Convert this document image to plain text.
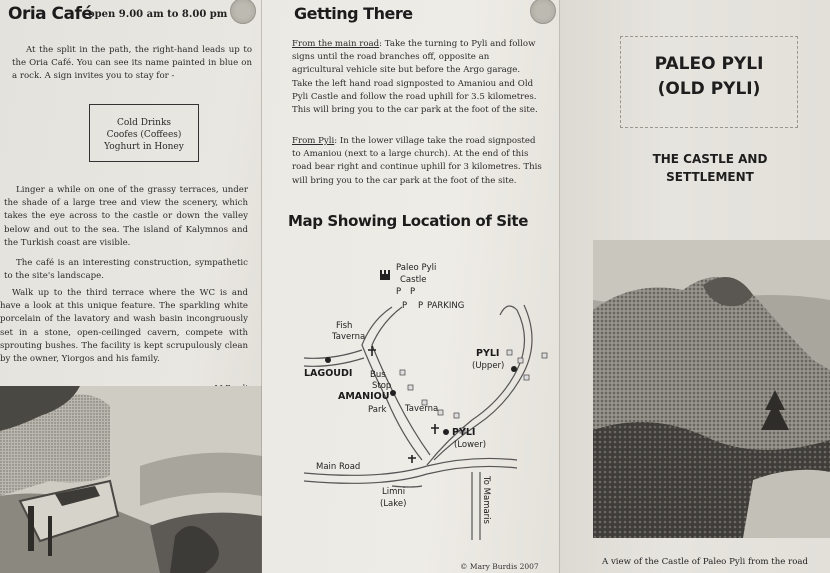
Oria Café
open 9.00 am to 8.00 pm
At the split in the path, the right-hand leads up to the Oria Café. You can see its name painted in blue on a rock. A sign invites you to stay for -
Cold Drinks
Coofes (Coffees)
Yoghurt in Honey
Linger a while on one of the grassy terraces, under the shade of a large tree and view the scenery, which takes the eye across to the castle or down the valley below and out to the sea. The island of Kalymnos and the Turkish coast are visible.
The café is an interesting construction, sympathetic to the site's landscape.
Walk up to the third terrace where the WC is and have a look at this unique feature. The sparkling white porcelain of the lavatory and wash basin incongruously set in a stone, open-ceilinged cavern, compete with sprouting bushes. The facility is kept scrupulously clean by the owner, Yiorgos and his family.
Getting There
From the main road: Take the turning to Pyli and follow signs until the road branches off, opposite an agricultural vehicle site but before the Argo garage. Take the left hand road signposted to Amaniou and Old Pyli Castle and follow the road uphill for 3.5 kilometres. This will bring you to the car park at the foot of the site.
From Pyli: In the lower village take the road signposted to Amaniou (next to a large church). At the end of this road bear right and continue uphill for 3 kilometres. This will bring you to the car park at the foot of the site.
Map Showing Location of Site
© Mary Burdis 2007
Paleo Pyli
Castle
P P
P P PARKING
Fish
Taverna
LAGOUDI Bus
Stop
AMANIOU
Park Taverna
PYLI
(Upper)
PYLI
(Lower)
Main Road
Limni
(Lake)	To Mamaris
PALEO PYLI
(OLD PYLI)
THE CASTLE AND
SETTLEMENT
A view of the Castle of Paleo Pyli from the road
